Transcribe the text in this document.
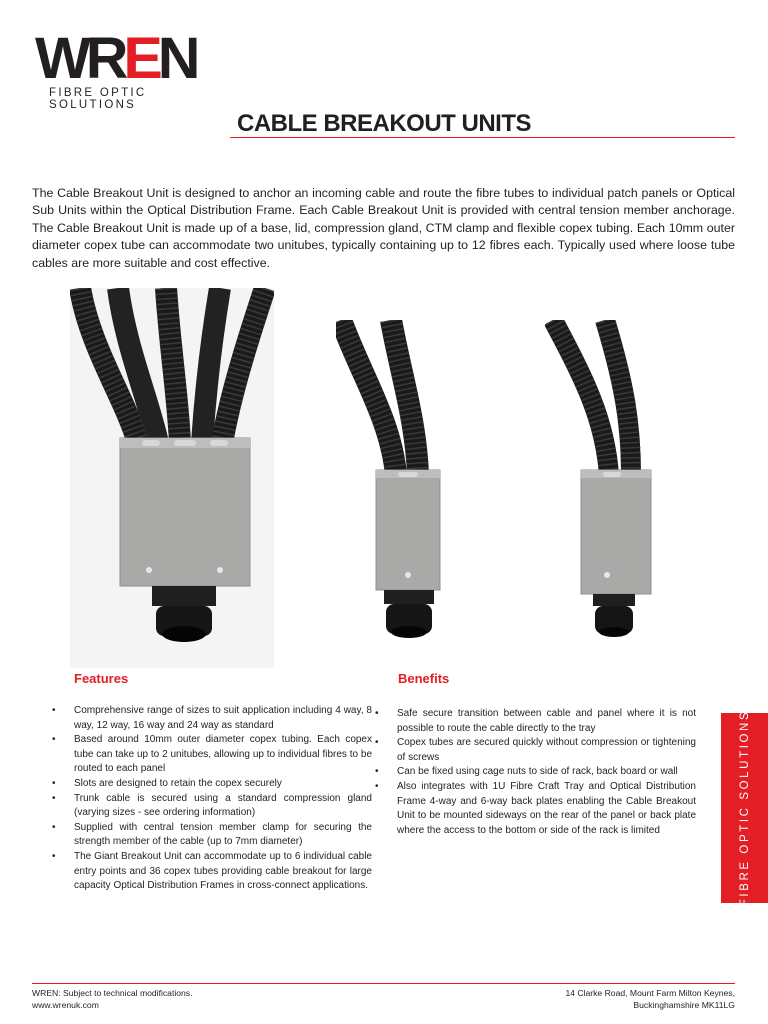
WREN
FIBRE OPTIC SOLUTIONS
CABLE BREAKOUT UNITS

The Cable Breakout Unit is designed to anchor an incoming cable and route the fibre tubes to individual patch panels or Optical Sub Units within the Optical Distribution Frame. Each Cable Breakout Unit is provided with central tension member anchorage. The Cable Breakout Unit is made up of a base, lid, compression gland, CTM clamp and flexible copex tubing. Each 10mm outer diameter copex tube can accommodate two unitubes, typically containing up to 12 fibres each. Typically used where loose tube cables are more suitable and cost effective.

Features
• Comprehensive range of sizes to suit application including 4 way, 8 way, 12 way, 16 way and 24 way as standard
• Based around 10mm outer diameter copex tubing. Each copex tube can take up to 2 unitubes, allowing up to individual fibres to be routed to each panel
• Slots are designed to retain the copex securely
• Trunk cable is secured using a standard compression gland (varying sizes - see ordering information)
• Supplied with central tension member clamp for securing the strength member of the cable (up to 7mm diameter)
• The Giant Breakout Unit can accommodate up to 6 individual cable entry points and 36 copex tubes providing cable breakout for large capacity Optical Distribution Frames in cross-connect applications.
Benefits
• Safe secure transition between cable and panel where it is not possible to route the cable directly to the tray
• Copex tubes are secured quickly without compression or tightening of screws
• Can be fixed using cage nuts to side of rack, back board or wall
• Also integrates with 1U Fibre Craft Tray and Optical Distribution Frame 4-way and 6-way back plates enabling the Cable Breakout Unit to be mounted sideways on the rear of the panel or back plate where the access to the bottom or side of the rack is limited	FIBRE OPTIC SOLUTIONS
WREN: Subject to technical modifications.
www.wrenuk.com
14 Clarke Road, Mount Farm Milton Keynes,
Buckinghamshire MK11LG
